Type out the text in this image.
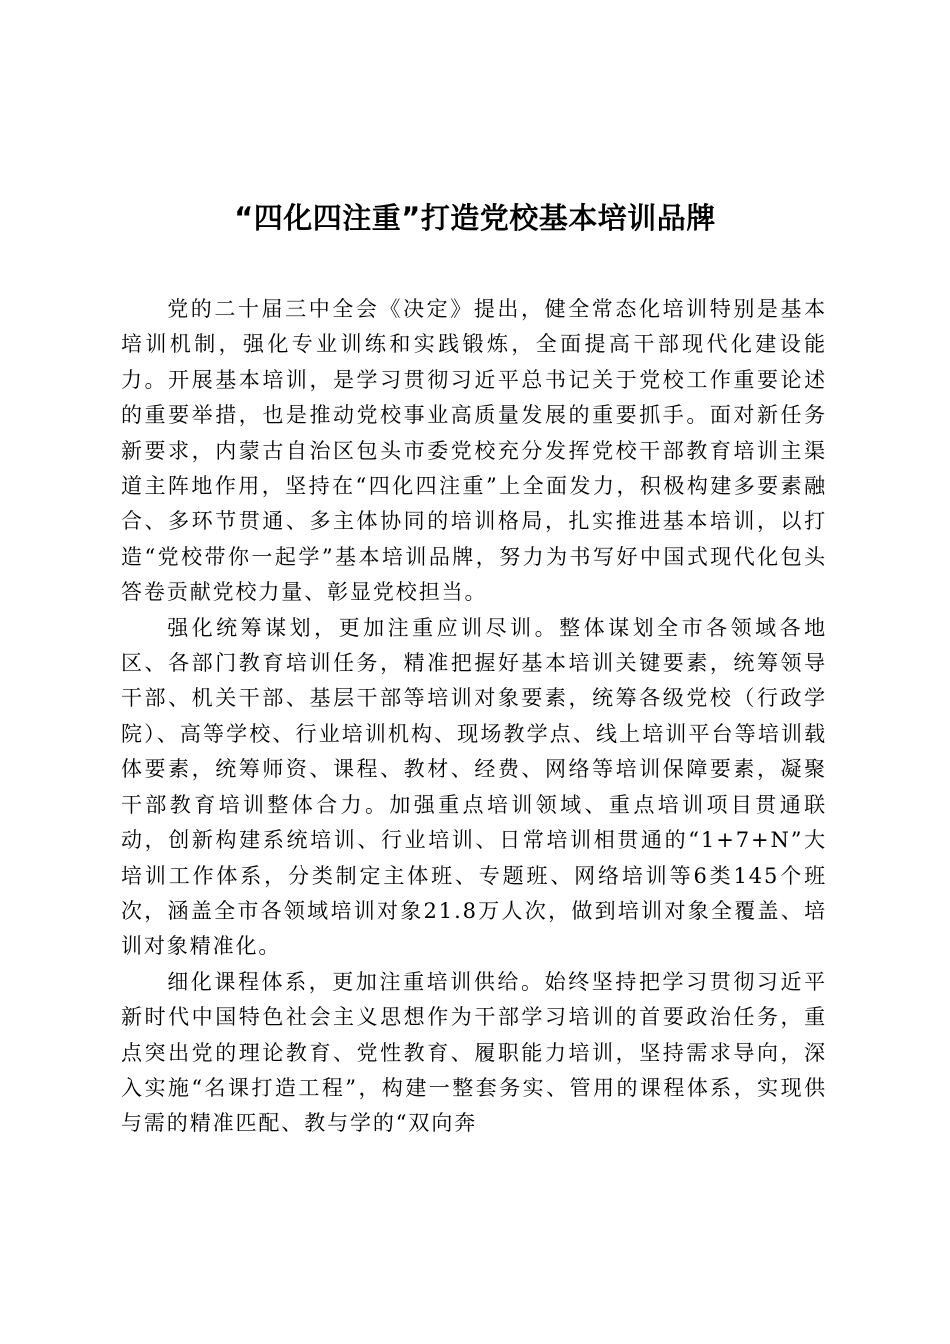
“四化四注重”打造党校基本培训品牌

党的二十届三中全会《决定》提出，健全常态化培训特别是基本培训机制，强化专业训练和实践锻炼，全面提高干部现代化建设能力。开展基本培训，是学习贯彻习近平总书记关于党校工作重要论述的重要举措，也是推动党校事业高质量发展的重要抓手。面对新任务新要求，内蒙古自治区包头市委党校充分发挥党校干部教育培训主渠道主阵地作用，坚持在“四化四注重”上全面发力，积极构建多要素融合、多环节贯通、多主体协同的培训格局，扎实推进基本培训，以打造“党校带你一起学”基本培训品牌，努力为书写好中国式现代化包头答卷贡献党校力量、彰显党校担当。

强化统筹谋划，更加注重应训尽训。整体谋划全市各领域各地区、各部门教育培训任务，精准把握好基本培训关键要素，统筹领导干部、机关干部、基层干部等培训对象要素，统筹各级党校（行政学院）、高等学校、行业培训机构、现场教学点、线上培训平台等培训载体要素，统筹师资、课程、教材、经费、网络等培训保障要素，凝聚干部教育培训整体合力。加强重点培训领域、重点培训项目贯通联动，创新构建系统培训、行业培训、日常培训相贯通的“1+7+N”大培训工作体系，分类制定主体班、专题班、网络培训等6类145个班次，涵盖全市各领域培训对象21.8万人次，做到培训对象全覆盖、培训对象精准化。

细化课程体系，更加注重培训供给。始终坚持把学习贯彻习近平新时代中国特色社会主义思想作为干部学习培训的首要政治任务，重点突出党的理论教育、党性教育、履职能力培训，坚持需求导向，深入实施“名课打造工程”，构建一整套务实、管用的课程体系，实现供与需的精准匹配、教与学的“双向奔
